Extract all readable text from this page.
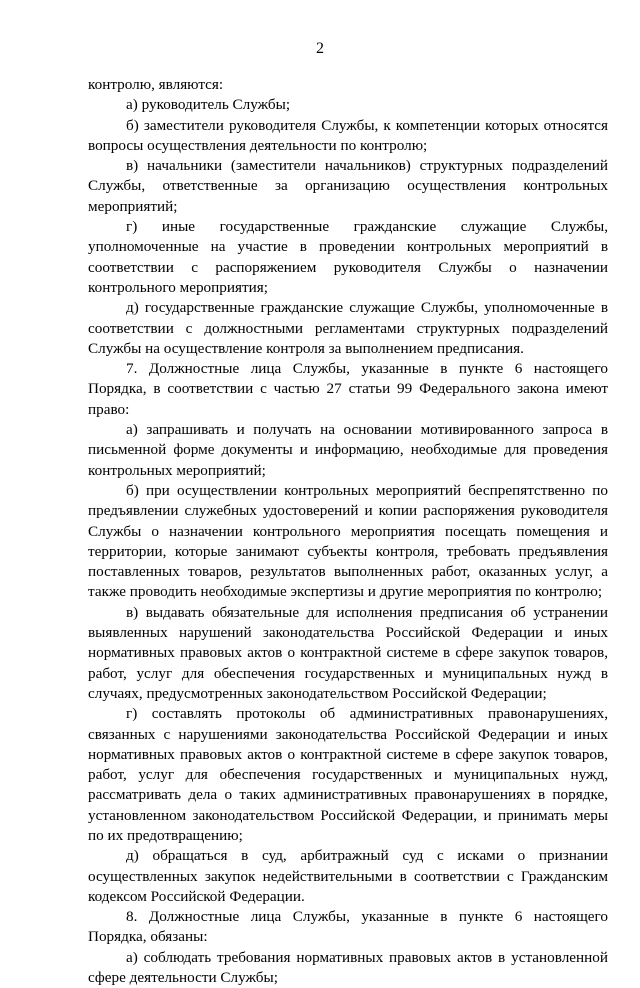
2

контролю, являются:

а) руководитель Службы;

б) заместители руководителя Службы, к компетенции которых относятся вопросы осуществления деятельности по контролю;

в) начальники (заместители начальников) структурных подразделений Службы, ответственные за организацию осуществления контрольных мероприятий;

г) иные государственные гражданские служащие Службы, уполномоченные на участие в проведении контрольных мероприятий в соответствии с распоряжением руководителя Службы о назначении контрольного мероприятия;

д) государственные гражданские служащие Службы, уполномоченные в соответствии с должностными регламентами структурных подразделений Службы на осуществление контроля за выполнением предписания.

7. Должностные лица Службы, указанные в пункте 6 настоящего Порядка, в соответствии с частью 27 статьи 99 Федерального закона имеют право:

а) запрашивать и получать на основании мотивированного запроса в письменной форме документы и информацию, необходимые для проведения контрольных мероприятий;

б) при осуществлении контрольных мероприятий беспрепятственно по предъявлении служебных удостоверений и копии распоряжения руководителя Службы о назначении контрольного мероприятия посещать помещения и территории, которые занимают субъекты контроля, требовать предъявления поставленных товаров, результатов выполненных работ, оказанных услуг, а также проводить необходимые экспертизы и другие мероприятия по контролю;

в) выдавать обязательные для исполнения предписания об устранении выявленных нарушений законодательства Российской Федерации и иных нормативных правовых актов о контрактной системе в сфере закупок товаров, работ, услуг для обеспечения государственных и муниципальных нужд в случаях, предусмотренных законодательством Российской Федерации;

г) составлять протоколы об административных правонарушениях, связанных с нарушениями законодательства Российской Федерации и иных нормативных правовых актов о контрактной системе в сфере закупок товаров, работ, услуг для обеспечения государственных и муниципальных нужд, рассматривать дела о таких административных правонарушениях в порядке, установленном законодательством Российской Федерации, и принимать меры по их предотвращению;

д) обращаться в суд, арбитражный суд с исками о признании осуществленных закупок недействительными в соответствии с Гражданским кодексом Российской Федерации.

8. Должностные лица Службы, указанные в пункте 6 настоящего Порядка, обязаны:

а) соблюдать требования нормативных правовых актов в установленной сфере деятельности Службы;
